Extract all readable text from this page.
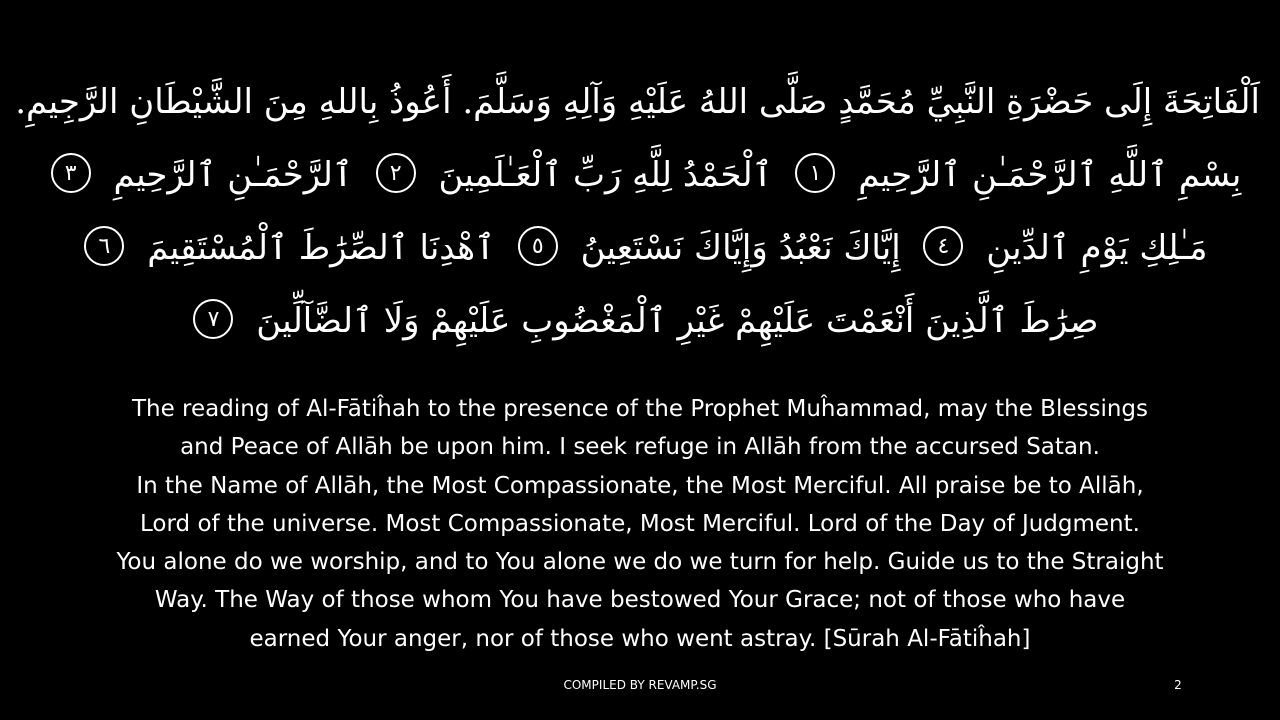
اَلْفَاتِحَةَ إِلَى حَضْرَةِ النَّبِيِّ مُحَمَّدٍ صَلَّى اللهُ عَلَيْهِ وَآلِهِ وَسَلَّمَ. أَعُوذُ بِاللهِ مِنَ الشَّيْطَانِ الرَّجِيمِ.
بِسْمِ ٱللَّهِ ٱلرَّحْمَـٰنِ ٱلرَّحِيمِ ١ ٱلْحَمْدُ لِلَّهِ رَبِّ ٱلْعَـٰلَمِينَ ٢ ٱلرَّحْمَـٰنِ ٱلرَّحِيمِ ٣
مَـٰلِكِ يَوْمِ ٱلدِّينِ ٤ إِيَّاكَ نَعْبُدُ وَإِيَّاكَ نَسْتَعِينُ ٥ ٱهْدِنَا ٱلصِّرَٰطَ ٱلْمُسْتَقِيمَ ٦
صِرَٰطَ ٱلَّذِينَ أَنْعَمْتَ عَلَيْهِمْ غَيْرِ ٱلْمَغْضُوبِ عَلَيْهِمْ وَلَا ٱلضَّآلِّينَ ٧
The reading of Al-Fātiĥah to the presence of the Prophet Muĥammad, may the Blessings
and Peace of Allāh be upon him. I seek refuge in Allāh from the accursed Satan.
In the Name of Allāh, the Most Compassionate, the Most Merciful. All praise be to Allāh,
Lord of the universe. Most Compassionate, Most Merciful. Lord of the Day of Judgment.
You alone do we worship, and to You alone we do we turn for help. Guide us to the Straight
Way. The Way of those whom You have bestowed Your Grace; not of those who have
earned Your anger, nor of those who went astray. [Sūrah Al-Fātiĥah]
COMPILED BY REVAMP.SG	2
